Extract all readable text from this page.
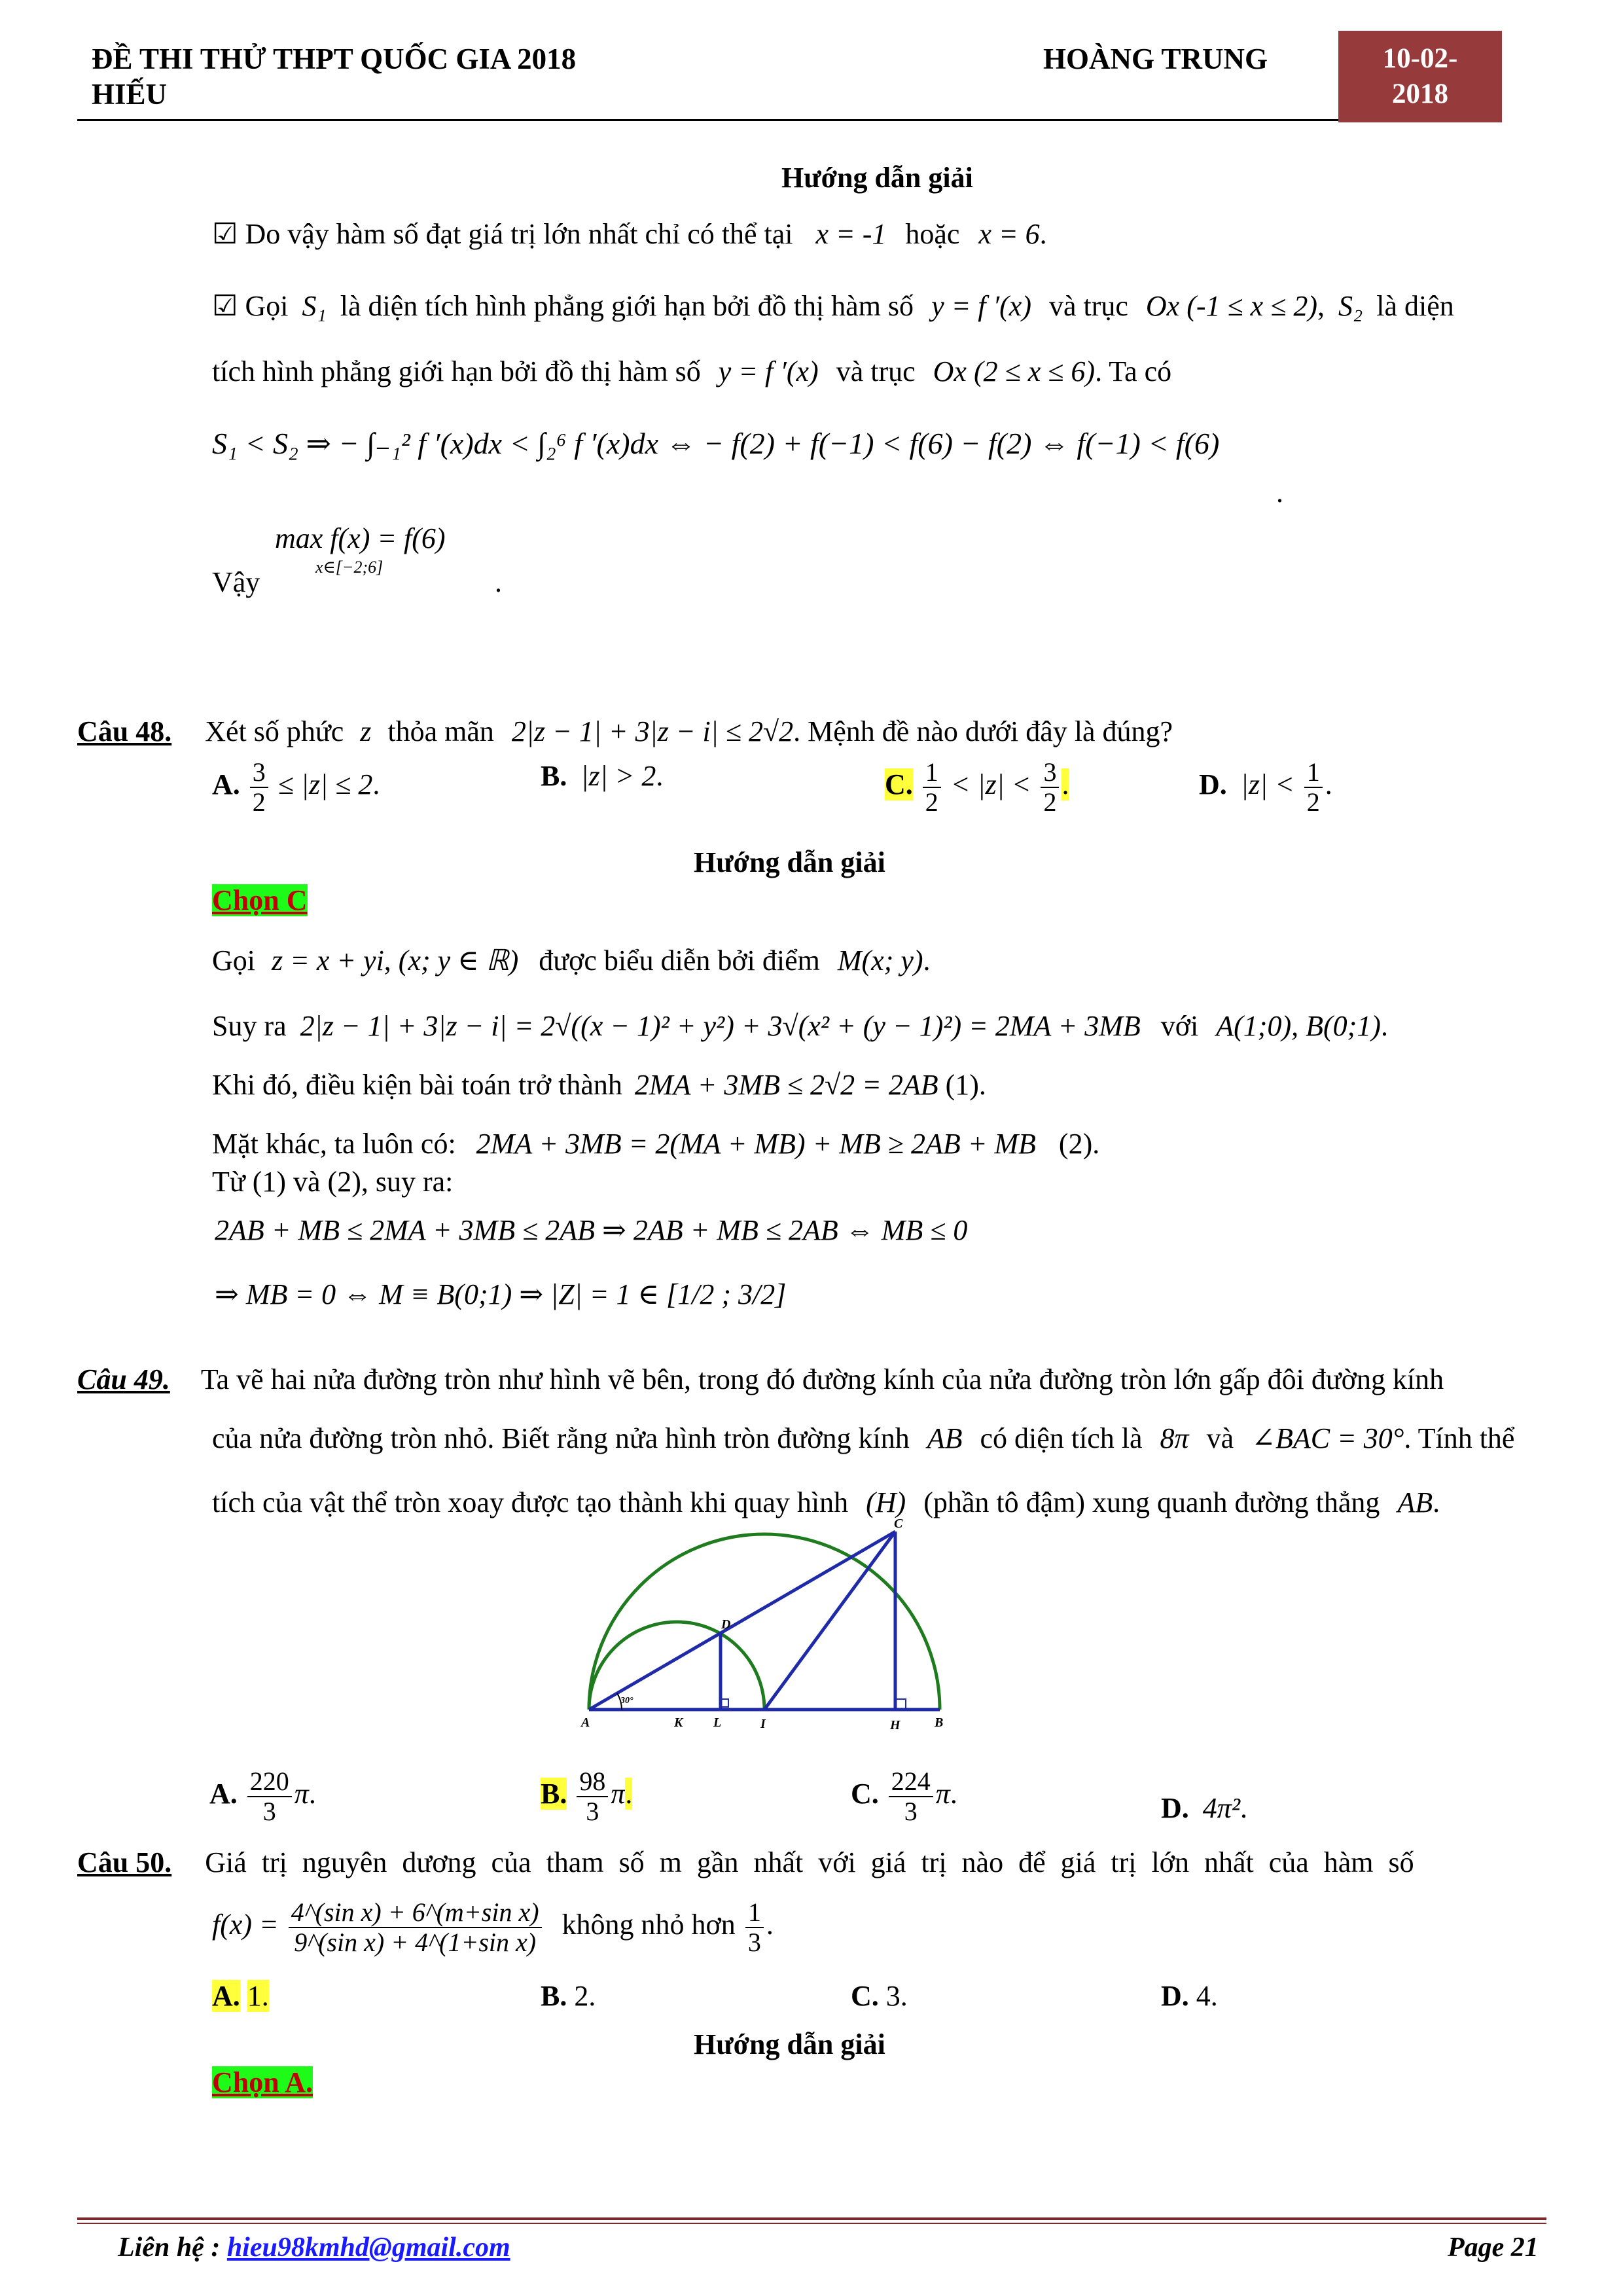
ĐỀ THI THỬ THPT QUỐC GIA 2018
HIẾU
HOÀNG TRUNG	10-02-
2018
Hướng dẫn giải
☑ Do vậy hàm số đạt giá trị lớn nhất chỉ có thể tại x = -1 hoặc x = 6.
☑ Gọi S₁ là diện tích hình phẳng giới hạn bởi đồ thị hàm số y = f ′(x) và trục Ox (-1 ≤ x ≤ 2), S₂ là diện
tích hình phẳng giới hạn bởi đồ thị hàm số y = f ′(x) và trục Ox (2 ≤ x ≤ 6). Ta có
S₁ < S₂ ⇒ − ∫₋₁² f ′(x)dx < ∫₂⁶ f ′(x)dx ⇔ − f(2) + f(−1) < f(6) − f(2) ⇔ f(−1) < f(6)
.
max f(x) = f(6)
x∈[−2;6]
Vậy	.
Câu 48. Xét số phức z thỏa mãn 2|z − 1| + 3|z − i| ≤ 2√2. Mệnh đề nào dưới đây là đúng?
A. $\frac{3}{2} \le |z| \le 2$.	B. |z| > 2.	C. $\frac{1}{2} < |z| < \frac{3}{2}$ .	D. $|z| < \frac{1}{2}$ .
Hướng dẫn giải
Chọn C
Gọi z = x + yi, (x; y ∈ ℝ) được biểu diễn bởi điểm M(x; y).
Suy ra 2|z − 1| + 3|z − i| = 2√((x − 1)² + y²) + 3√(x² + (y − 1)²) = 2MA + 3MB với A(1;0), B(0;1).
Khi đó, điều kiện bài toán trở thành 2MA + 3MB ≤ 2√2 = 2AB (1).
Mặt khác, ta luôn có: 2MA + 3MB = 2(MA + MB) + MB ≥ 2AB + MB (2).
Từ (1) và (2), suy ra:
2AB + MB ≤ 2MA + 3MB ≤ 2AB ⇒ 2AB + MB ≤ 2AB ⇔ MB ≤ 0
⇒ MB = 0 ⇔ M ≡ B(0;1) ⇒ |Z| = 1 ∈ [1/2 ; 3/2]
Câu 49. Ta vẽ hai nửa đường tròn như hình vẽ bên, trong đó đường kính của nửa đường tròn lớn gấp đôi đường kính
của nửa đường tròn nhỏ. Biết rằng nửa hình tròn đường kính AB có diện tích là 8π và ∠BAC = 30°. Tính thể
tích của vật thể tròn xoay được tạo thành khi quay hình (H) (phần tô đậm) xung quanh đường thẳng AB.
A	K L	I	H	B
C
D
30°
A. $\frac{220}{3} \pi$.	B. $\frac{98}{3} \pi$.	C. $\frac{224}{3} \pi$.	D. 4π².
Câu 50. Giá trị nguyên dương của tham số m gần nhất với giá trị nào để giá trị lớn nhất của hàm số
$f(x) = \frac{\text{4\textasciicircum{}(sin x) + 6\textasciicircum{}(m+sin x)}}{\text{9\textasciicircum{}(sin x) + 4\textasciicircum{}(1+sin x)}}$ không nhỏ hơn $\frac{1}{3}$ .
A. 1.	B. 2.	C. 3.	D. 4.
Hướng dẫn giải
Chọn A.
Liên hệ : hieu98kmhd@gmail.com	Page 21
